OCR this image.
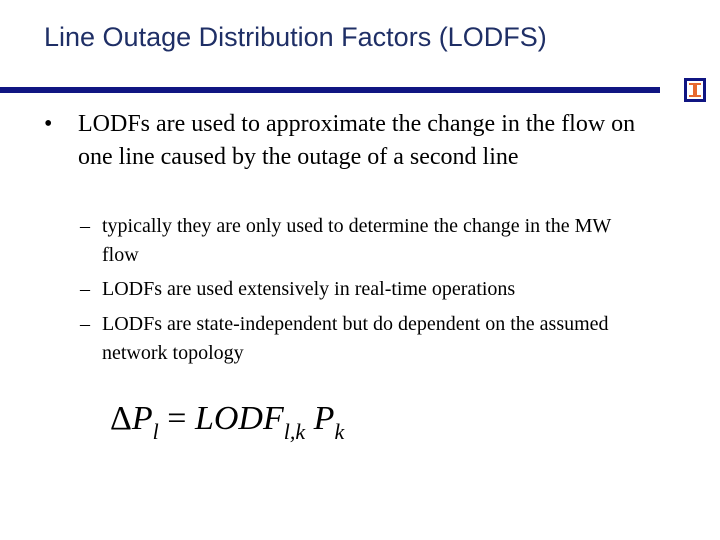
Line Outage Distribution Factors (LODFS)
• LODFs are used to approximate the change in the flow on one line caused by the outage of a second line
– typically they are only used to determine the change in the MW flow
– LODFs are used extensively in real-time operations
– LODFs are state-independent but do dependent on the assumed network topology
$\Delta P_l$ = $LODF_{l,k}$ $P_k$
